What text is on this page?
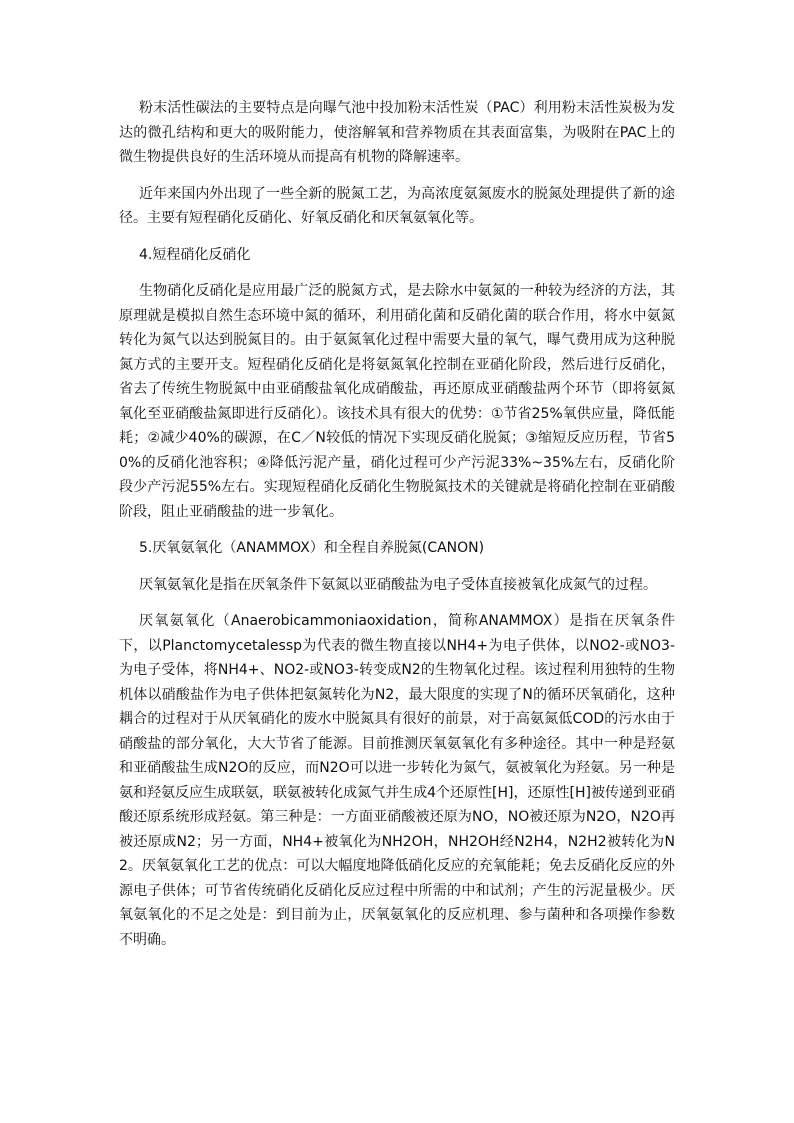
粉末活性碳法的主要特点是向曝气池中投加粉末活性炭（PAC）利用粉末活性炭极为发达的微孔结构和更大的吸附能力，使溶解氧和营养物质在其表面富集，为吸附在PAC上的微生物提供良好的生活环境从而提高有机物的降解速率。

近年来国内外出现了一些全新的脱氮工艺，为高浓度氨氮废水的脱氮处理提供了新的途径。主要有短程硝化反硝化、好氧反硝化和厌氧氨氧化等。

4.短程硝化反硝化

生物硝化反硝化是应用最广泛的脱氮方式，是去除水中氨氮的一种较为经济的方法，其原理就是模拟自然生态环境中氮的循环，利用硝化菌和反硝化菌的联合作用，将水中氨氮转化为氮气以达到脱氮目的。由于氨氮氧化过程中需要大量的氧气，曝气费用成为这种脱氮方式的主要开支。短程硝化反硝化是将氨氮氧化控制在亚硝化阶段，然后进行反硝化，省去了传统生物脱氮中由亚硝酸盐氧化成硝酸盐，再还原成亚硝酸盐两个环节（即将氨氮氧化至亚硝酸盐氮即进行反硝化）。该技术具有很大的优势：①节省25%氧供应量，降低能耗；②减少40%的碳源，在C／N较低的情况下实现反硝化脱氮；③缩短反应历程，节省50%的反硝化池容积；④降低污泥产量，硝化过程可少产污泥33%~35%左右，反硝化阶段少产污泥55%左右。实现短程硝化反硝化生物脱氮技术的关键就是将硝化控制在亚硝酸阶段，阻止亚硝酸盐的进一步氧化。

5.厌氧氨氧化（ANAMMOX）和全程自养脱氮(CANON)

厌氧氨氧化是指在厌氧条件下氨氮以亚硝酸盐为电子受体直接被氧化成氮气的过程。

厌氧氨氧化（Anaerobicammoniaoxidation，简称ANAMMOX）是指在厌氧条件下，以Planctomycetalessp为代表的微生物直接以NH4+为电子供体，以NO2-或NO3-为电子受体，将NH4+、NO2-或NO3-转变成N2的生物氧化过程。该过程利用独特的生物机体以硝酸盐作为电子供体把氨氮转化为N2，最大限度的实现了N的循环厌氧硝化，这种耦合的过程对于从厌氧硝化的废水中脱氮具有很好的前景，对于高氨氮低COD的污水由于硝酸盐的部分氧化，大大节省了能源。目前推测厌氧氨氧化有多种途径。其中一种是羟氨和亚硝酸盐生成N2O的反应，而N2O可以进一步转化为氮气，氨被氧化为羟氨。另一种是氨和羟氨反应生成联氨，联氨被转化成氮气并生成4个还原性[H]，还原性[H]被传递到亚硝酸还原系统形成羟氨。第三种是：一方面亚硝酸被还原为NO，NO被还原为N2O，N2O再被还原成N2；另一方面，NH4+被氧化为NH2OH，NH2OH经N2H4，N2H2被转化为N2。厌氧氨氧化工艺的优点：可以大幅度地降低硝化反应的充氧能耗；免去反硝化反应的外源电子供体；可节省传统硝化反硝化反应过程中所需的中和试剂；产生的污泥量极少。厌氧氨氧化的不足之处是：到目前为止，厌氧氨氧化的反应机理、参与菌种和各项操作参数不明确。
